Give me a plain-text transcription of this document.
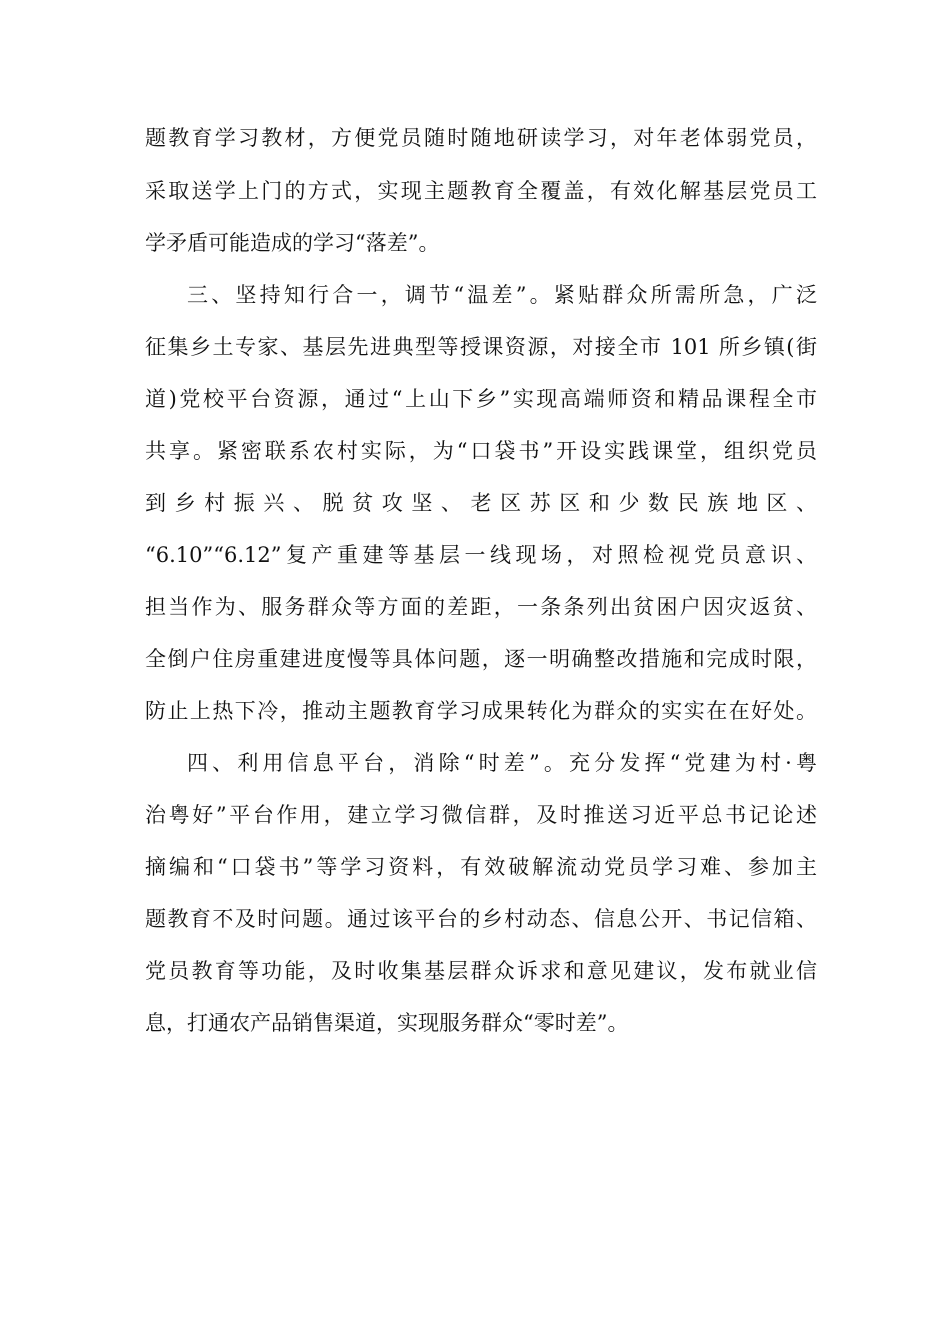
题教育学习教材，方便党员随时随地研读学习，对年老体弱党员，
采取送学上门的方式，实现主题教育全覆盖，有效化解基层党员工
学矛盾可能造成的学习“落差”。
三、坚持知行合一，调节“温差”。紧贴群众所需所急，广泛
征集乡土专家、基层先进典型等授课资源，对接全市 101 所乡镇(街
道)党校平台资源，通过“上山下乡”实现高端师资和精品课程全市
共享。紧密联系农村实际，为“口袋书”开设实践课堂，组织党员
到乡村振兴、脱贫攻坚、老区苏区和少数民族地区、
“6.10”“6.12”复产重建等基层一线现场，对照检视党员意识、
担当作为、服务群众等方面的差距，一条条列出贫困户因灾返贫、
全倒户住房重建进度慢等具体问题，逐一明确整改措施和完成时限，
防止上热下冷，推动主题教育学习成果转化为群众的实实在在好处。
四、利用信息平台，消除“时差”。充分发挥“党建为村·粤
治粤好”平台作用，建立学习微信群，及时推送习近平总书记论述
摘编和“口袋书”等学习资料，有效破解流动党员学习难、参加主
题教育不及时问题。通过该平台的乡村动态、信息公开、书记信箱、
党员教育等功能，及时收集基层群众诉求和意见建议，发布就业信
息，打通农产品销售渠道，实现服务群众“零时差”。
